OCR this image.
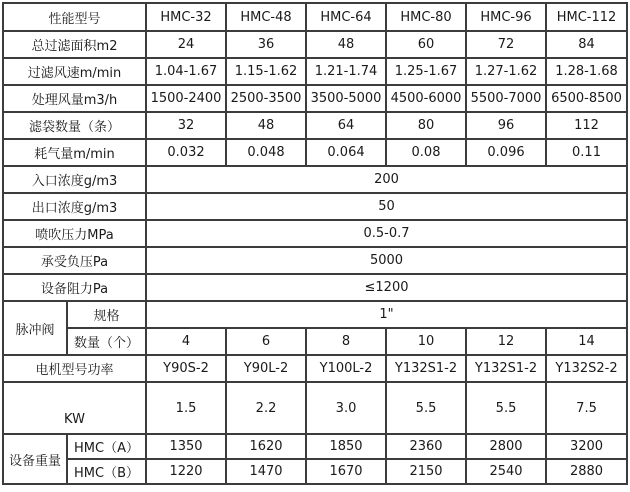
性能型号		HMC-32	HMC-48	HMC-64	HMC-80	HMC-96	HMC-112
总过滤面积m2		24	36	48	60	72	84
过滤风速m/min		1.04-1.67	1.15-1.62	1.21-1.74	1.25-1.67	1.27-1.62	1.28-1.68
处理风量m3/h		1500-2400	2500-3500	3500-5000	4500-6000	5500-7000	6500-8500
滤袋数量（条）		32	48	64	80	96	112
耗气量m/min		0.032	0.048	0.064	0.08	0.096	0.11
入口浓度g/m3		200					
出口浓度g/m3		50					
喷吹压力MPa		0.5-0.7					
承受负压Pa		5000					
设备阻力Pa		≤1200					
脉冲阀	规格	1"					
	数量（个）	4	6	8	10	12	14
电机型号功率		Y90S-2	Y90L-2	Y100L-2	Y132S1-2	Y132S1-2	Y132S2-2
KW		1.5	2.2	3.0	5.5	5.5	7.5
设备重量	HMC（A）	1350	1620	1850	2360	2800	3200
	HMC（B）	1220	1470	1670	2150	2540	2880
